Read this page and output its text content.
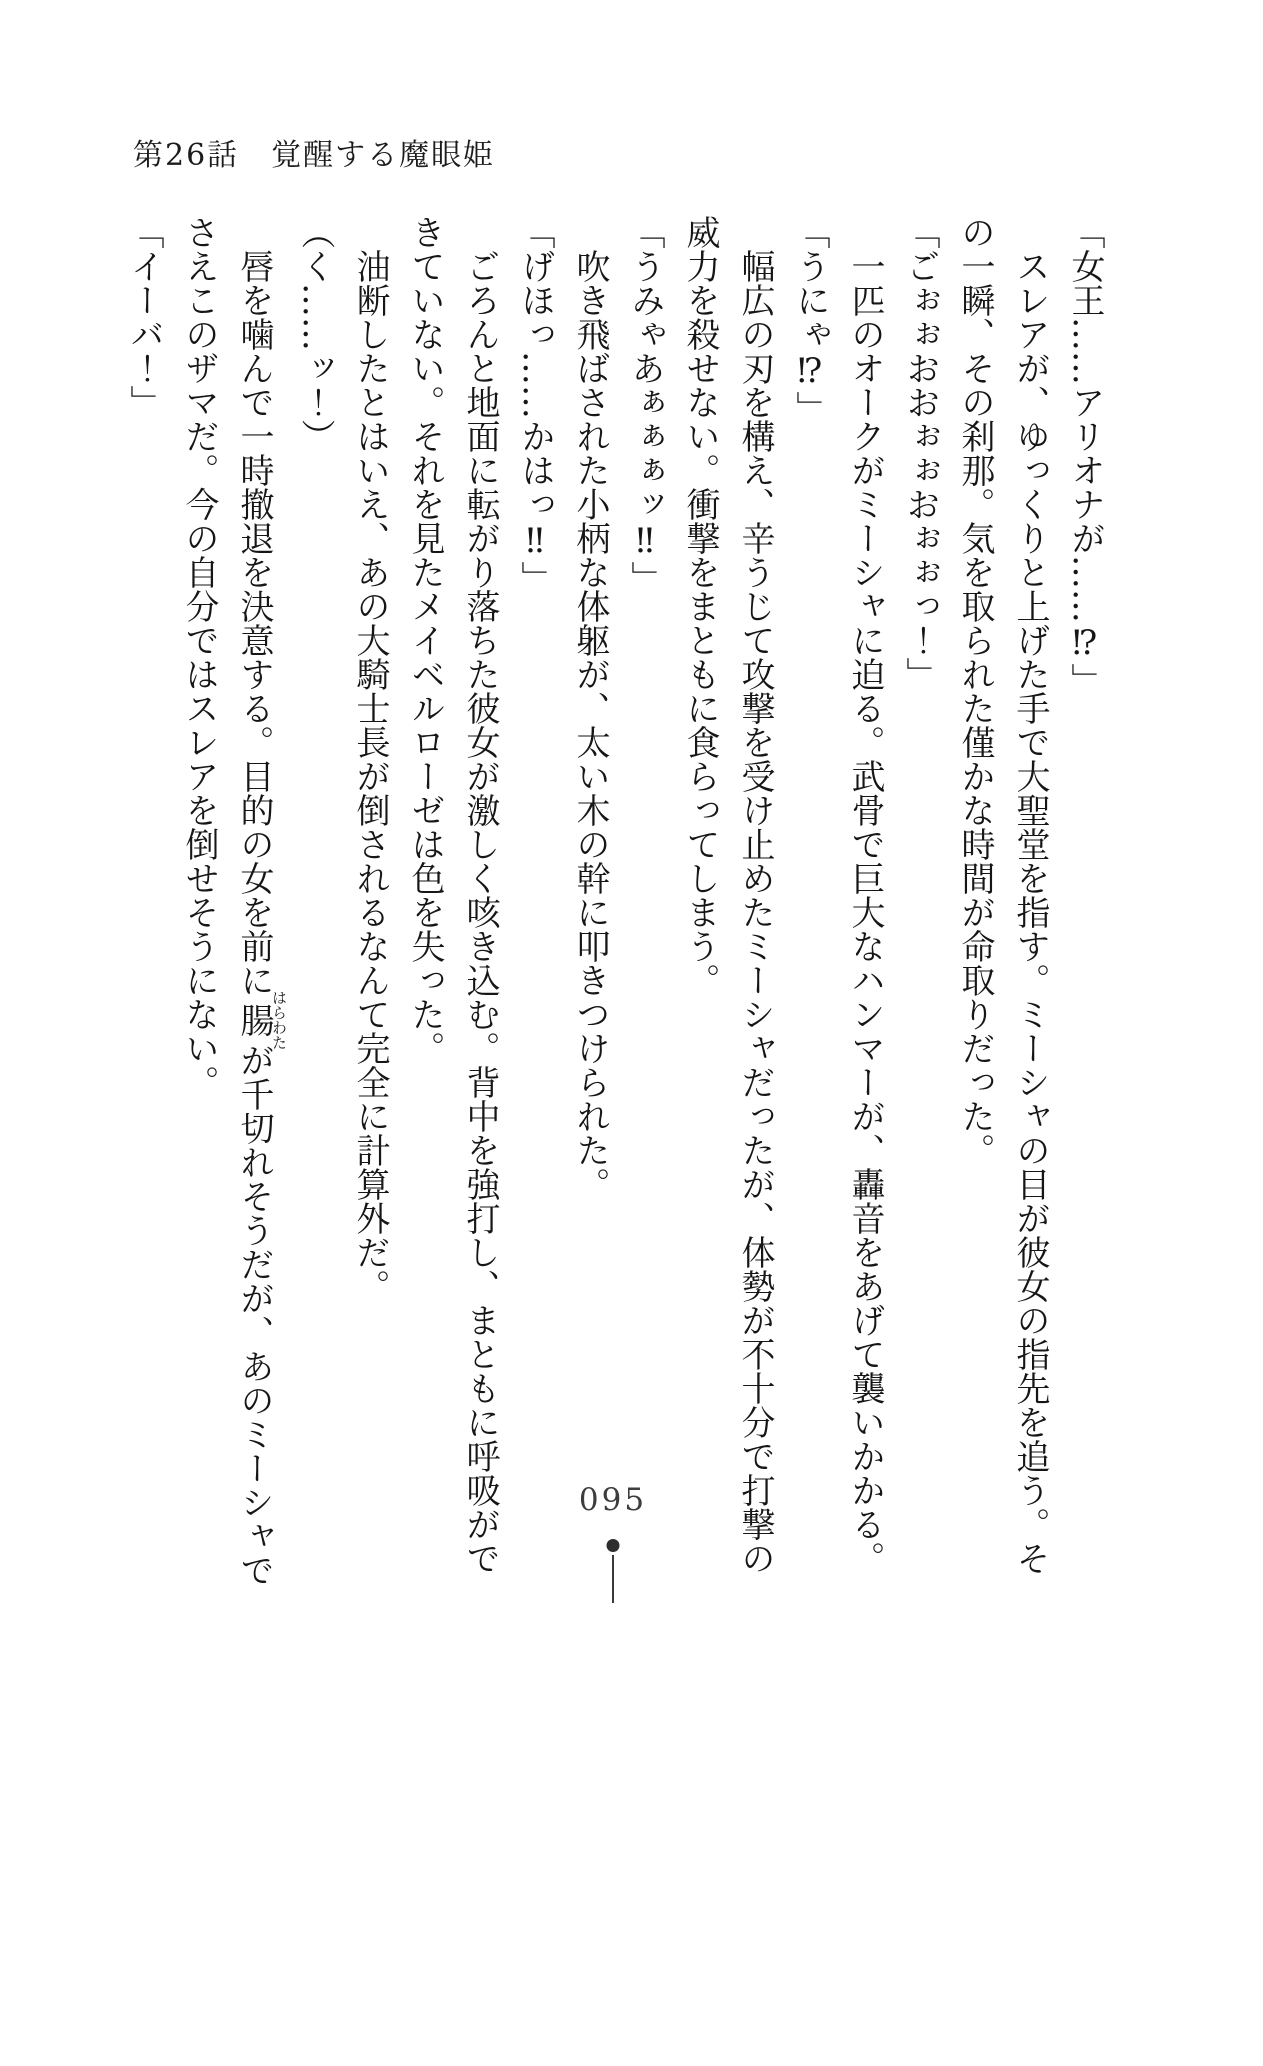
第26話　覚醒する魔眼姫
「女王……アリオナが……⁉」
スレアが、ゆっくりと上げた手で大聖堂を指す。ミーシャの目が彼女の指先を追う。そ
の一瞬、その刹那。気を取られた僅かな時間が命取りだった。
「ごぉぉおおぉぉおぉぉっ！」
一匹のオークがミーシャに迫る。武骨で巨大なハンマーが、轟音をあげて襲いかかる。
「うにゃ⁉」
幅広の刃を構え、辛うじて攻撃を受け止めたミーシャだったが、体勢が不十分で打撃の
威力を殺せない。衝撃をまともに食らってしまう。
「うみゃあぁぁぁッ‼」
吹き飛ばされた小柄な体躯が、太い木の幹に叩きつけられた。
「げほっ……かはっ‼」
ごろんと地面に転がり落ちた彼女が激しく咳き込む。背中を強打し、まともに呼吸がで
きていない。それを見たメイベルローゼは色を失った。
油断したとはいえ、あの大騎士長が倒されるなんて完全に計算外だ。
（く……ッ！）
唇を噛んで一時撤退を決意する。目的の女を前に腸はらわたが千切れそうだが、あのミーシャで
さえこのザマだ。今の自分ではスレアを倒せそうにない。
「イーバ！」
095
